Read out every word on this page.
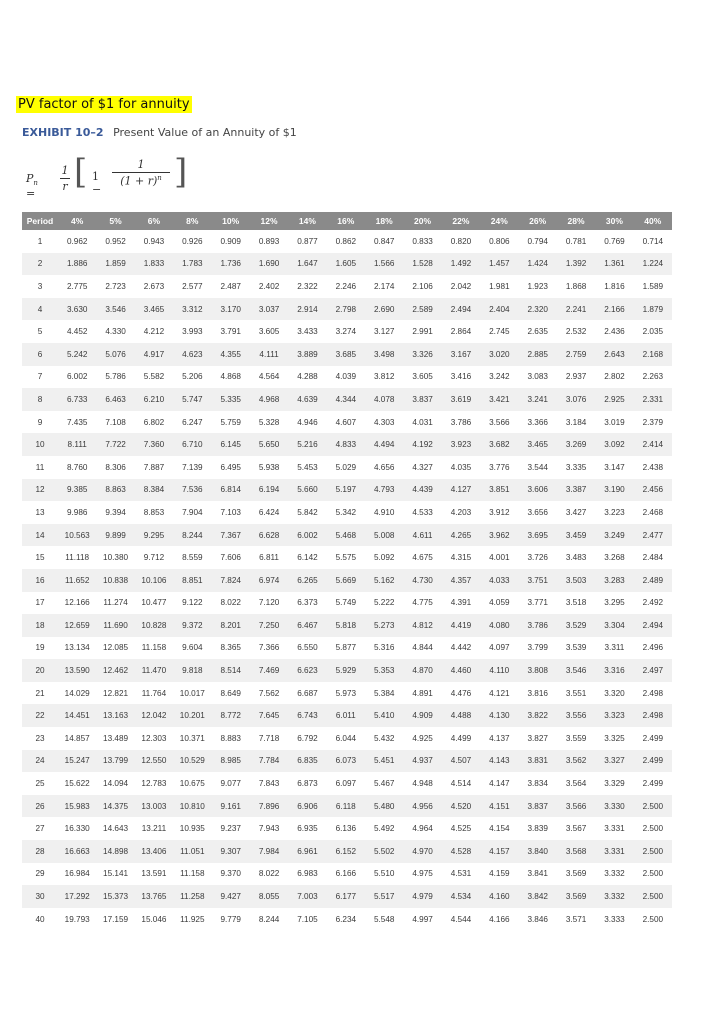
PV factor of $1 for annuity
EXHIBIT 10–2 Present Value of an Annuity of $1
$P_n$ =
1
r [ 1 −
1
$(1 + r)^n$ ]
Period	4%	5%	6%	8%	10%	12%	14%	16%	18%	20%	22%	24%	26%	28%	30%	40%
1	0.962	0.952	0.943	0.926	0.909	0.893	0.877	0.862	0.847	0.833	0.820	0.806	0.794	0.781	0.769	0.714
2	1.886	1.859	1.833	1.783	1.736	1.690	1.647	1.605	1.566	1.528	1.492	1.457	1.424	1.392	1.361	1.224
3	2.775	2.723	2.673	2.577	2.487	2.402	2.322	2.246	2.174	2.106	2.042	1.981	1.923	1.868	1.816	1.589
4	3.630	3.546	3.465	3.312	3.170	3.037	2.914	2.798	2.690	2.589	2.494	2.404	2.320	2.241	2.166	1.879
5	4.452	4.330	4.212	3.993	3.791	3.605	3.433	3.274	3.127	2.991	2.864	2.745	2.635	2.532	2.436	2.035
6	5.242	5.076	4.917	4.623	4.355	4.111	3.889	3.685	3.498	3.326	3.167	3.020	2.885	2.759	2.643	2.168
7	6.002	5.786	5.582	5.206	4.868	4.564	4.288	4.039	3.812	3.605	3.416	3.242	3.083	2.937	2.802	2.263
8	6.733	6.463	6.210	5.747	5.335	4.968	4.639	4.344	4.078	3.837	3.619	3.421	3.241	3.076	2.925	2.331
9	7.435	7.108	6.802	6.247	5.759	5.328	4.946	4.607	4.303	4.031	3.786	3.566	3.366	3.184	3.019	2.379
10	8.111	7.722	7.360	6.710	6.145	5.650	5.216	4.833	4.494	4.192	3.923	3.682	3.465	3.269	3.092	2.414
11	8.760	8.306	7.887	7.139	6.495	5.938	5.453	5.029	4.656	4.327	4.035	3.776	3.544	3.335	3.147	2.438
12	9.385	8.863	8.384	7.536	6.814	6.194	5.660	5.197	4.793	4.439	4.127	3.851	3.606	3.387	3.190	2.456
13	9.986	9.394	8.853	7.904	7.103	6.424	5.842	5.342	4.910	4.533	4.203	3.912	3.656	3.427	3.223	2.468
14	10.563	9.899	9.295	8.244	7.367	6.628	6.002	5.468	5.008	4.611	4.265	3.962	3.695	3.459	3.249	2.477
15	11.118	10.380	9.712	8.559	7.606	6.811	6.142	5.575	5.092	4.675	4.315	4.001	3.726	3.483	3.268	2.484
16	11.652	10.838	10.106	8.851	7.824	6.974	6.265	5.669	5.162	4.730	4.357	4.033	3.751	3.503	3.283	2.489
17	12.166	11.274	10.477	9.122	8.022	7.120	6.373	5.749	5.222	4.775	4.391	4.059	3.771	3.518	3.295	2.492
18	12.659	11.690	10.828	9.372	8.201	7.250	6.467	5.818	5.273	4.812	4.419	4.080	3.786	3.529	3.304	2.494
19	13.134	12.085	11.158	9.604	8.365	7.366	6.550	5.877	5.316	4.844	4.442	4.097	3.799	3.539	3.311	2.496
20	13.590	12.462	11.470	9.818	8.514	7.469	6.623	5.929	5.353	4.870	4.460	4.110	3.808	3.546	3.316	2.497
21	14.029	12.821	11.764	10.017	8.649	7.562	6.687	5.973	5.384	4.891	4.476	4.121	3.816	3.551	3.320	2.498
22	14.451	13.163	12.042	10.201	8.772	7.645	6.743	6.011	5.410	4.909	4.488	4.130	3.822	3.556	3.323	2.498
23	14.857	13.489	12.303	10.371	8.883	7.718	6.792	6.044	5.432	4.925	4.499	4.137	3.827	3.559	3.325	2.499
24	15.247	13.799	12.550	10.529	8.985	7.784	6.835	6.073	5.451	4.937	4.507	4.143	3.831	3.562	3.327	2.499
25	15.622	14.094	12.783	10.675	9.077	7.843	6.873	6.097	5.467	4.948	4.514	4.147	3.834	3.564	3.329	2.499
26	15.983	14.375	13.003	10.810	9.161	7.896	6.906	6.118	5.480	4.956	4.520	4.151	3.837	3.566	3.330	2.500
27	16.330	14.643	13.211	10.935	9.237	7.943	6.935	6.136	5.492	4.964	4.525	4.154	3.839	3.567	3.331	2.500
28	16.663	14.898	13.406	11.051	9.307	7.984	6.961	6.152	5.502	4.970	4.528	4.157	3.840	3.568	3.331	2.500
29	16.984	15.141	13.591	11.158	9.370	8.022	6.983	6.166	5.510	4.975	4.531	4.159	3.841	3.569	3.332	2.500
30	17.292	15.373	13.765	11.258	9.427	8.055	7.003	6.177	5.517	4.979	4.534	4.160	3.842	3.569	3.332	2.500
40	19.793	17.159	15.046	11.925	9.779	8.244	7.105	6.234	5.548	4.997	4.544	4.166	3.846	3.571	3.333	2.500
